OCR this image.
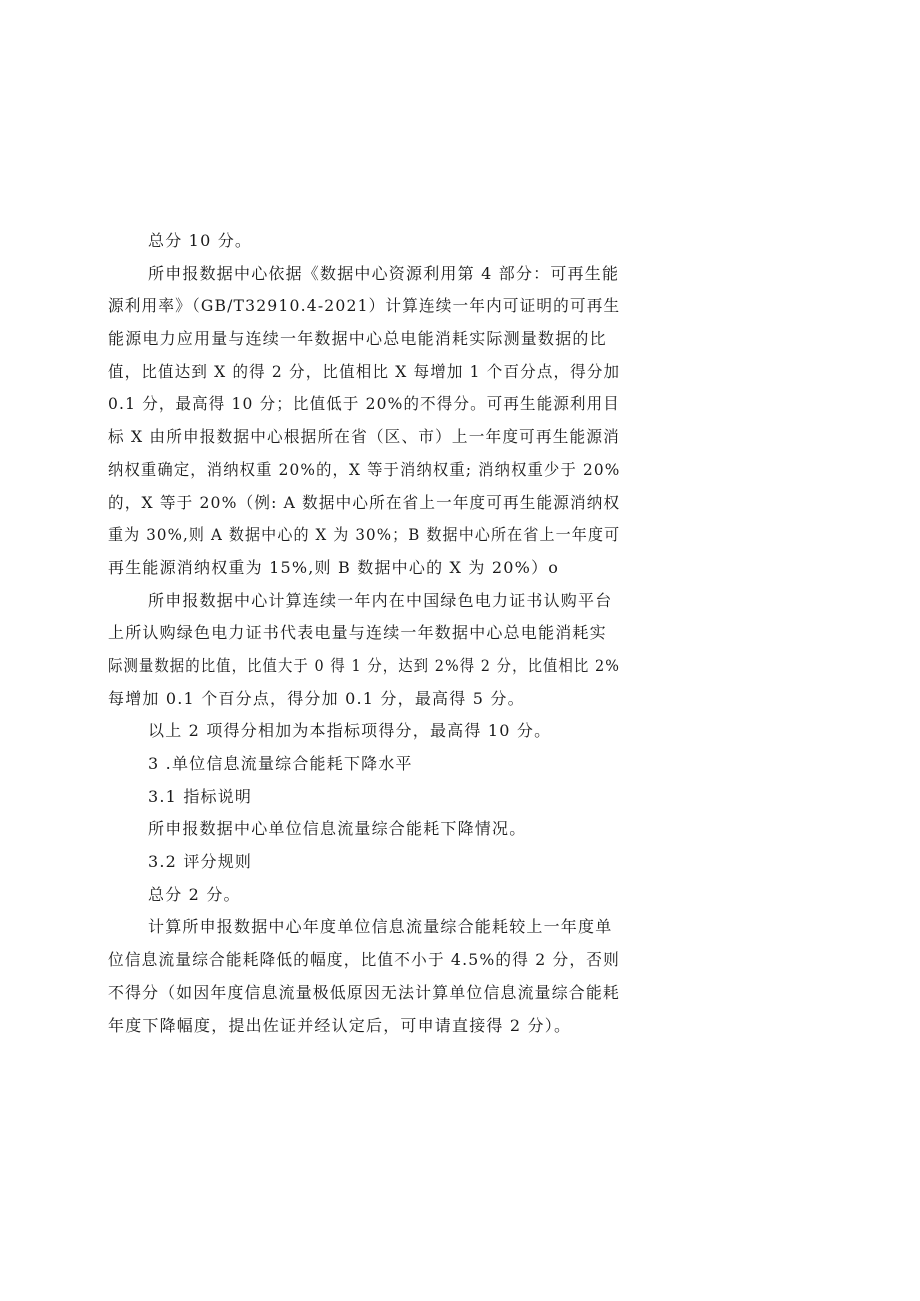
总分 10 分。

所申报数据中心依据《数据中心资源利用第 4 部分：可再生能

源利用率》（GB/T32910.4-2021）计算连续一年内可证明的可再生

能源电力应用量与连续一年数据中心总电能消耗实际测量数据的比

值，比值达到 X 的得 2 分，比值相比 X 每增加 1 个百分点，得分加

0.1 分，最高得 10 分；比值低于 20%的不得分。可再生能源利用目

标 X 由所申报数据中心根据所在省（区、市）上一年度可再生能源消

纳权重确定，消纳权重 20%的，X 等于消纳权重; 消纳权重少于 20%

的，X 等于 20%（例: A 数据中心所在省上一年度可再生能源消纳权

重为 30%,则 A 数据中心的 X 为 30%；B 数据中心所在省上一年度可

再生能源消纳权重为 15%,则 B 数据中心的 X 为 20%）o

所申报数据中心计算连续一年内在中国绿色电力证书认购平台

上所认购绿色电力证书代表电量与连续一年数据中心总电能消耗实

际测量数据的比值，比值大于 0 得 1 分，达到 2%得 2 分，比值相比 2%

每增加 0.1 个百分点，得分加 0.1 分，最高得 5 分。

以上 2 项得分相加为本指标项得分，最高得 10 分。

3 .单位信息流量综合能耗下降水平

3.1 指标说明

所申报数据中心单位信息流量综合能耗下降情况。

3.2 评分规则

总分 2 分。

计算所申报数据中心年度单位信息流量综合能耗较上一年度单

位信息流量综合能耗降低的幅度，比值不小于 4.5%的得 2 分，否则

不得分（如因年度信息流量极低原因无法计算单位信息流量综合能耗

年度下降幅度，提出佐证并经认定后，可申请直接得 2 分）。
